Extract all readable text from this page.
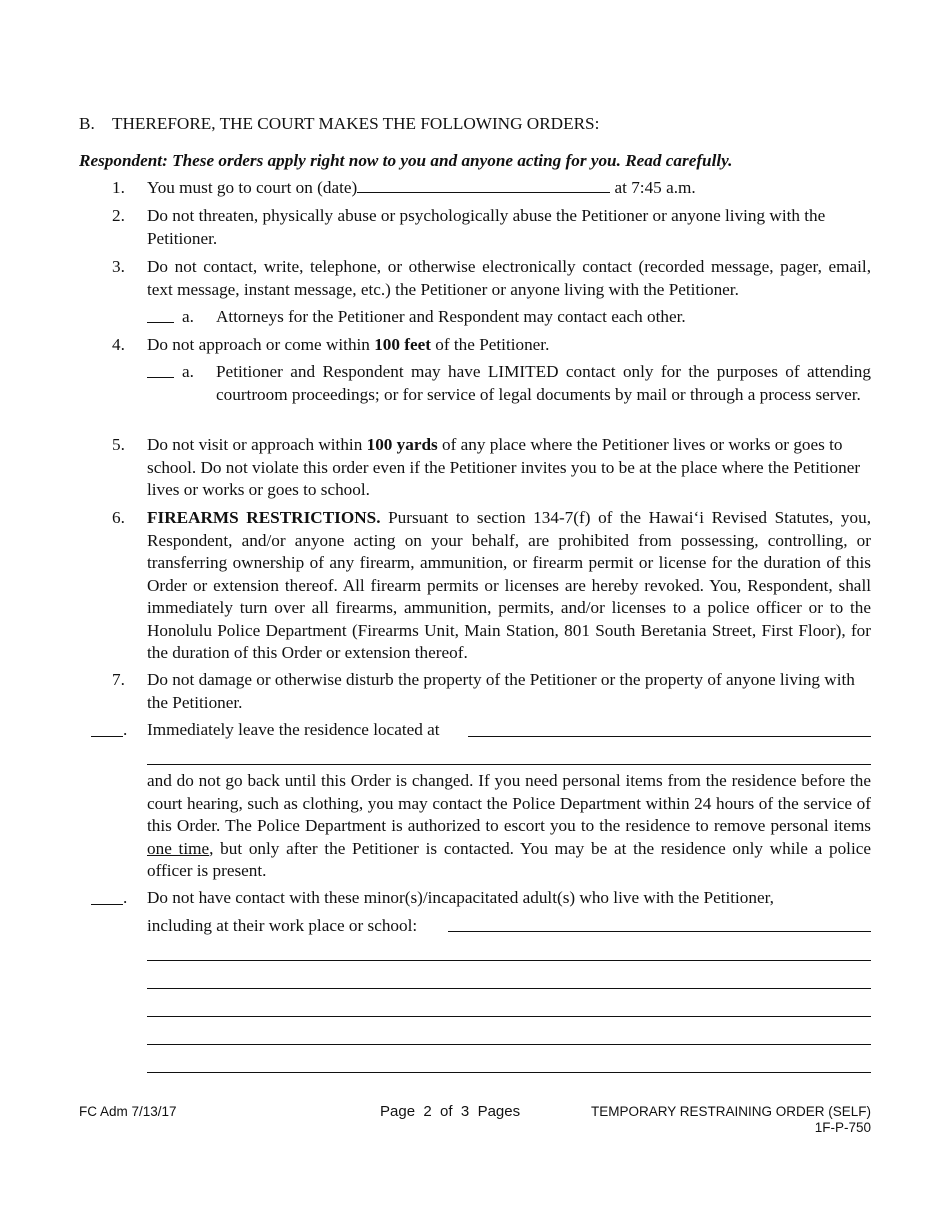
B. THEREFORE, THE COURT MAKES THE FOLLOWING ORDERS:
Respondent: These orders apply right now to you and anyone acting for you. Read carefully.
1.	You must go to court on (date)	at 7:45 a.m.
2.	Do not threaten, physically abuse or psychologically abuse the Petitioner or anyone living with the Petitioner.
3.	Do not contact, write, telephone, or otherwise electronically contact (recorded message, pager, email, text message, instant message, etc.) the Petitioner or anyone living with the Petitioner.
a.	Attorneys for the Petitioner and Respondent may contact each other.
4.	Do not approach or come within 100 feet of the Petitioner.
a.	Petitioner and Respondent may have LIMITED contact only for the purposes of attending courtroom proceedings; or for service of legal documents by mail or through a process server.
5.	Do not visit or approach within 100 yards of any place where the Petitioner lives or works or goes to school. Do not violate this order even if the Petitioner invites you to be at the place where the Petitioner lives or works or goes to school.
6.	FIREARMS RESTRICTIONS. Pursuant to section 134-7(f) of the Hawai‘i Revised Statutes, you, Respondent, and/or anyone acting on your behalf, are prohibited from possessing, controlling, or transferring ownership of any firearm, ammunition, or firearm permit or license for the duration of this Order or extension thereof. All firearm permits or licenses are hereby revoked. You, Respondent, shall immediately turn over all firearms, ammunition, permits, and/or licenses to a police officer or to the Honolulu Police Department (Firearms Unit, Main Station, 801 South Beretania Street, First Floor), for the duration of this Order or extension thereof.
7.	Do not damage or otherwise disturb the property of the Petitioner or the property of anyone living with the Petitioner.
. Immediately leave the residence located at
and do not go back until this Order is changed. If you need personal items from the residence before the court hearing, such as clothing, you may contact the Police Department within 24 hours of the service of this Order. The Police Department is authorized to escort you to the residence to remove personal items one time, but only after the Petitioner is contacted. You may be at the residence only while a police officer is present.
. Do not have contact with these minor(s)/incapacitated adult(s) who live with the Petitioner,
including at their work place or school:
FC Adm 7/13/17	Page  2  of  3  Pages	TEMPORARY RESTRAINING ORDER (SELF)
1F-P-750
